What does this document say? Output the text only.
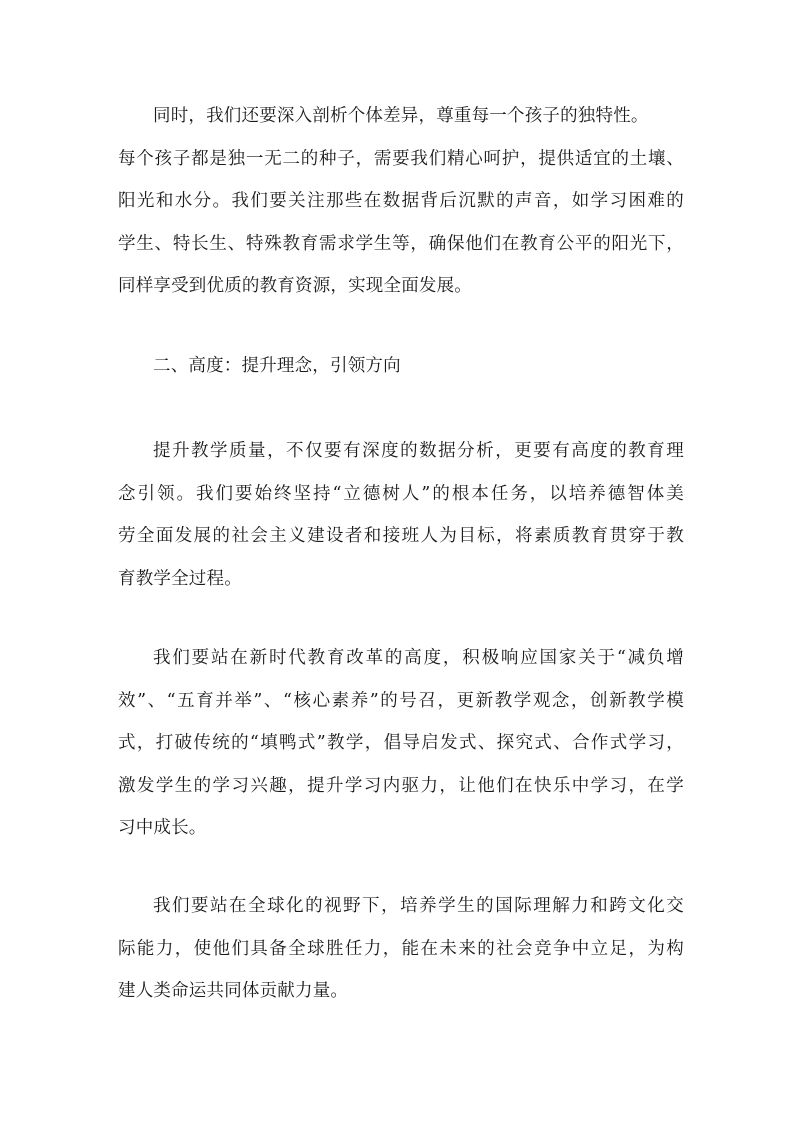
同时，我们还要深入剖析个体差异，尊重每一个孩子的独特性。
每个孩子都是独一无二的种子，需要我们精心呵护，提供适宜的土壤、
阳光和水分。我们要关注那些在数据背后沉默的声音，如学习困难的
学生、特长生、特殊教育需求学生等，确保他们在教育公平的阳光下，
同样享受到优质的教育资源，实现全面发展。
二、高度：提升理念，引领方向
提升教学质量，不仅要有深度的数据分析，更要有高度的教育理
念引领。我们要始终坚持“立德树人”的根本任务，以培养德智体美
劳全面发展的社会主义建设者和接班人为目标，将素质教育贯穿于教
育教学全过程。
我们要站在新时代教育改革的高度，积极响应国家关于“减负增
效”、“五育并举”、“核心素养”的号召，更新教学观念，创新教学模
式，打破传统的“填鸭式”教学，倡导启发式、探究式、合作式学习，
激发学生的学习兴趣，提升学习内驱力，让他们在快乐中学习，在学
习中成长。
我们要站在全球化的视野下，培养学生的国际理解力和跨文化交
际能力，使他们具备全球胜任力，能在未来的社会竞争中立足，为构
建人类命运共同体贡献力量。
